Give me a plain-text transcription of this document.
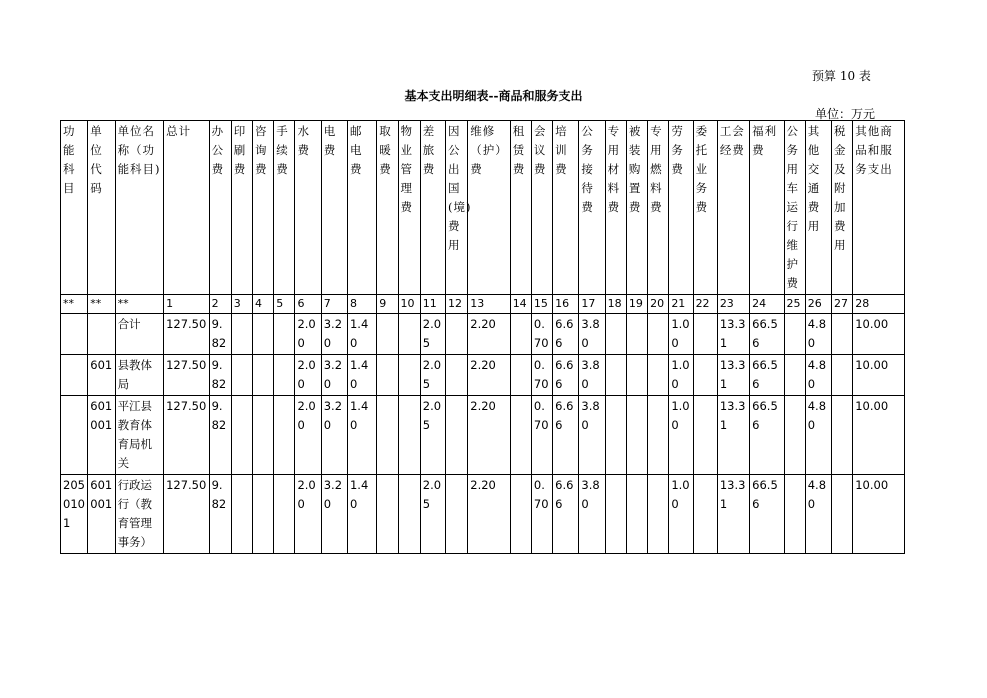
预算 10 表
基本支出明细表--商品和服务支出
单位：万元
功能科目	单位代码	单位名称（功能科目)	总计	办公费	印刷费	咨询费	手续费	水费	电费	邮电费	取暖费	物业管理费	差旅费	因公出国(境)费用	维修（护）费	租赁费	会议费	培训费	公务接待费	专用材料费	被装购置费	专用燃料费	劳务费	委托业务费	工会经费	福利费	公务用车运行维护费	其他交通费用	税金及附加费用	其他商品和服务支出
**	**	**	1	2	3	4	5	6	7	8	9	10	11	12	13	14	15	16	17	18	19	20	21	22	23	24	25	26	27	28
		合计	127.50	9.82				2.00	3.20	1.40			2.05		2.20		0.70	6.66	3.80				1.00		13.31	66.56		4.80		10.00
	601	县教体局	127.50	9.82				2.00	3.20	1.40			2.05		2.20		0.70	6.66	3.80				1.00		13.31	66.56		4.80		10.00
	601001	平江县教育体育局机关	127.50	9.82				2.00	3.20	1.40			2.05		2.20		0.70	6.66	3.80				1.00		13.31	66.56		4.80		10.00
2050101	601001	行政运行（教育管理事务）	127.50	9.82				2.00	3.20	1.40			2.05		2.20		0.70	6.66	3.80				1.00		13.31	66.56		4.80		10.00
